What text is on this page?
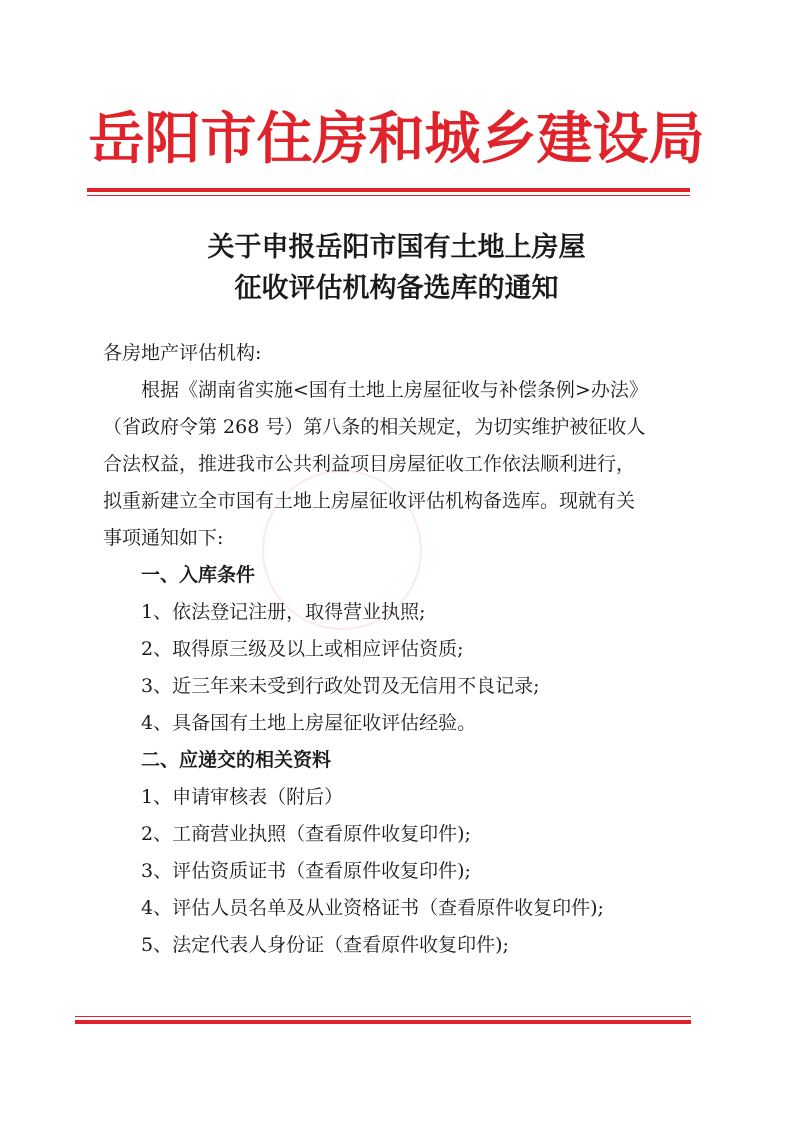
岳阳市住房和城乡建设局
关于申报岳阳市国有土地上房屋
征收评估机构备选库的通知
各房地产评估机构:
根据《湖南省实施<国有土地上房屋征收与补偿条例>办法》
（省政府令第 268 号）第八条的相关规定，为切实维护被征收人
合法权益，推进我市公共利益项目房屋征收工作依法顺利进行，
拟重新建立全市国有土地上房屋征收评估机构备选库。现就有关
事项通知如下:
一、入库条件
1、依法登记注册，取得营业执照;
2、取得原三级及以上或相应评估资质;
3、近三年来未受到行政处罚及无信用不良记录;
4、具备国有土地上房屋征收评估经验。
二、应递交的相关资料
1、申请审核表（附后）
2、工商营业执照（查看原件收复印件);
3、评估资质证书（查看原件收复印件);
4、评估人员名单及从业资格证书（查看原件收复印件);
5、法定代表人身份证（查看原件收复印件);
